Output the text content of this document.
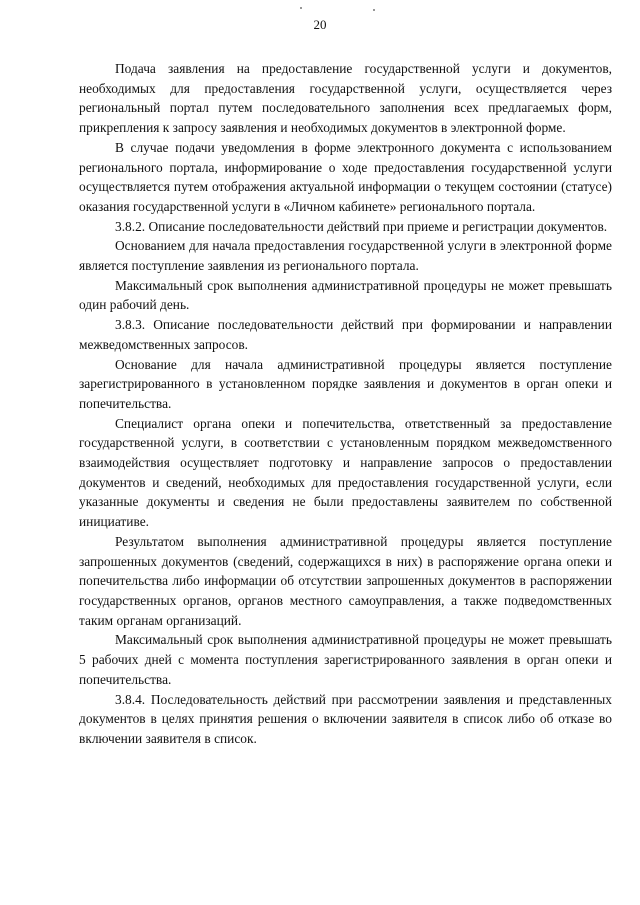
20

Подача заявления на предоставление государственной услуги и документов, необходимых для предоставления государственной услуги, осуществляется через региональный портал путем последовательного заполнения всех предлагаемых форм, прикрепления к запросу заявления и необходимых документов в электронной форме.

В случае подачи уведомления в форме электронного документа с использованием регионального портала, информирование о ходе предоставления государственной услуги осуществляется путем отображения актуальной информации о текущем состоянии (статусе) оказания государственной услуги в «Личном кабинете» регионального портала.

3.8.2. Описание последовательности действий при приеме и регистрации документов.

Основанием для начала предоставления государственной услуги в электронной форме является поступление заявления из регионального портала.

Максимальный срок выполнения административной процедуры не может превышать один рабочий день.

3.8.3. Описание последовательности действий при формировании и направлении межведомственных запросов.

Основание для начала административной процедуры является поступление зарегистрированного в установленном порядке заявления и документов в орган опеки и попечительства.

Специалист органа опеки и попечительства, ответственный за предоставление государственной услуги, в соответствии с установленным порядком межведомственного взаимодействия осуществляет подготовку и направление запросов о предоставлении документов и сведений, необходимых для предоставления государственной услуги, если указанные документы и сведения не были предоставлены заявителем по собственной инициативе.

Результатом выполнения административной процедуры является поступление запрошенных документов (сведений, содержащихся в них) в распоряжение органа опеки и попечительства либо информации об отсутствии запрошенных документов в распоряжении государственных органов, органов местного самоуправления, а также подведомственных таким органам организаций.

Максимальный срок выполнения административной процедуры не может превышать 5 рабочих дней с момента поступления зарегистрированного заявления в орган опеки и попечительства.

3.8.4. Последовательность действий при рассмотрении заявления и представленных документов в целях принятия решения о включении заявителя в список либо об отказе во включении заявителя в список.
